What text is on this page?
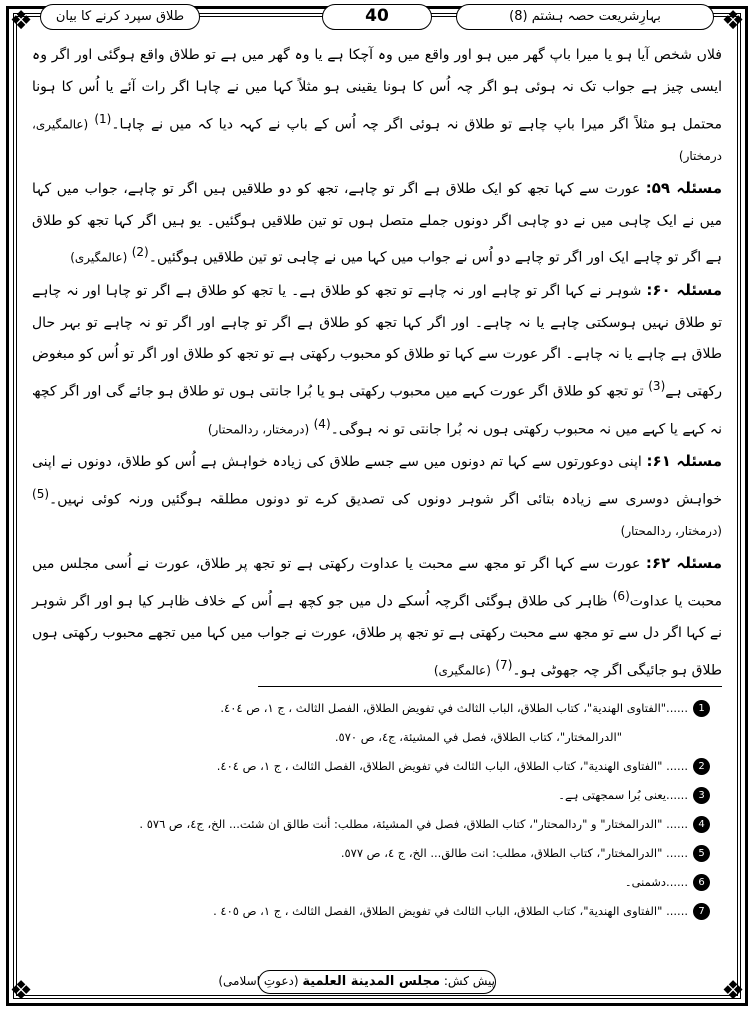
❖	❖
❖	❖
بہارِشریعت حصہ ہشتم (8)
40
طلاق سپرد کرنے کا بیان

فلاں شخص آیا ہو یا میرا باپ گھر میں ہو اور واقع میں وہ آچکا ہے یا وہ گھر میں ہے تو طلاق واقع ہوگئی اور اگر وہ ایسی چیز ہے جواب تک نہ ہوئی ہو اگر چہ اُس کا ہونا یقینی ہو مثلاً کہا میں نے چاہا اگر رات آئے یا اُس کا ہونا محتمل ہو مثلاً اگر میرا باپ چاہے تو طلاق نہ ہوئی اگر چہ اُس کے باپ نے کہہ دیا کہ میں نے چاہا۔$^{(1)}$ (عالمگیری، درمختار)

مسئلہ ۵۹: عورت سے کہا تجھ کو ایک طلاق ہے اگر تو چاہے، تجھ کو دو طلاقیں ہیں اگر تو چاہے، جواب میں کہا میں نے ایک چاہی میں نے دو چاہی اگر دونوں جملے متصل ہوں تو تین طلاقیں ہوگئیں۔ یو ہیں اگر کہا تجھ کو طلاق ہے اگر تو چاہے ایک اور اگر تو چاہے دو اُس نے جواب میں کہا میں نے چاہی تو تین طلاقیں ہوگئیں۔$^{(2)}$ (عالمگیری)

مسئلہ ۶۰: شوہر نے کہا اگر تو چاہے اور نہ چاہے تو تجھ کو طلاق ہے۔ یا تجھ کو طلاق ہے اگر تو چاہا اور نہ چاہے تو طلاق نہیں ہوسکتی چاہے یا نہ چاہے۔ اور اگر کہا تجھ کو طلاق ہے اگر تو چاہے اور اگر تو نہ چاہے تو بہر حال طلاق ہے چاہے یا نہ چاہے۔ اگر عورت سے کہا تو طلاق کو محبوب رکھتی ہے تو تجھ کو طلاق اور اگر تو اُس کو مبغوض رکھتی ہے$^{(3)}$ تو تجھ کو طلاق اگر عورت کہے میں محبوب رکھتی ہو یا بُرا جانتی ہوں تو طلاق ہو جائے گی اور اگر کچھ نہ کہے یا کہے میں نہ محبوب رکھتی ہوں نہ بُرا جانتی تو نہ ہوگی۔$^{(4)}$ (درمختار، ردالمحتار)

مسئلہ ۶۱: اپنی دوعورتوں سے کہا تم دونوں میں سے جسے طلاق کی زیادہ خواہش ہے اُس کو طلاق، دونوں نے اپنی خواہش دوسری سے زیادہ بتائی اگر شوہر دونوں کی تصدیق کرے تو دونوں مطلقہ ہوگئیں ورنہ کوئی نہیں۔$^{(5)}$ (درمختار، ردالمحتار)

مسئلہ ۶۲: عورت سے کہا اگر تو مجھ سے محبت یا عداوت رکھتی ہے تو تجھ پر طلاق، عورت نے اُسی مجلس میں محبت یا عداوت$^{(6)}$ ظاہر کی طلاق ہوگئی اگرچہ اُسکے دل میں جو کچھ ہے اُس کے خلاف ظاہر کیا ہو اور اگر شوہر نے کہا اگر دل سے تو مجھ سے محبت رکھتی ہے تو تجھ پر طلاق، عورت نے جواب میں کہا میں تجھے محبوب رکھتی ہوں طلاق ہو جائیگی اگر چہ جھوٹی ہو۔$^{(7)}$ (عالمگیری)

1
......"الفتاوى الهندية"، كتاب الطلاق، الباب الثالث في تفويض الطلاق، الفصل الثالث ، ج ١، ص ٤٠٤.
"الدرالمختار"، كتاب الطلاق، فصل في المشيئة، ج٤، ص ٥٧٠.
2
...... "الفتاوى الهندية"، كتاب الطلاق، الباب الثالث في تفويض الطلاق، الفصل الثالث ، ج ١، ص ٤٠٤.
3
......یعنی بُرا سمجھتی ہے۔
4
...... "الدرالمختار" و "ردالمحتار"، كتاب الطلاق، فصل في المشيئة، مطلب: أنت طالق ان شئت... الخ، ج٤، ص ٥٧٦ .
5
...... "الدرالمختار"، كتاب الطلاق، مطلب: انت طالق... الخ، ج ٤، ص ٥٧٧.
6
......دشمنی۔
7
...... "الفتاوى الهندية"، كتاب الطلاق، الباب الثالث في تفويض الطلاق، الفصل الثالث ، ج ١، ص ٤٠٥ .
پیش کش: مجلس المدينة العلمية (دعوتِ اسلامی)
